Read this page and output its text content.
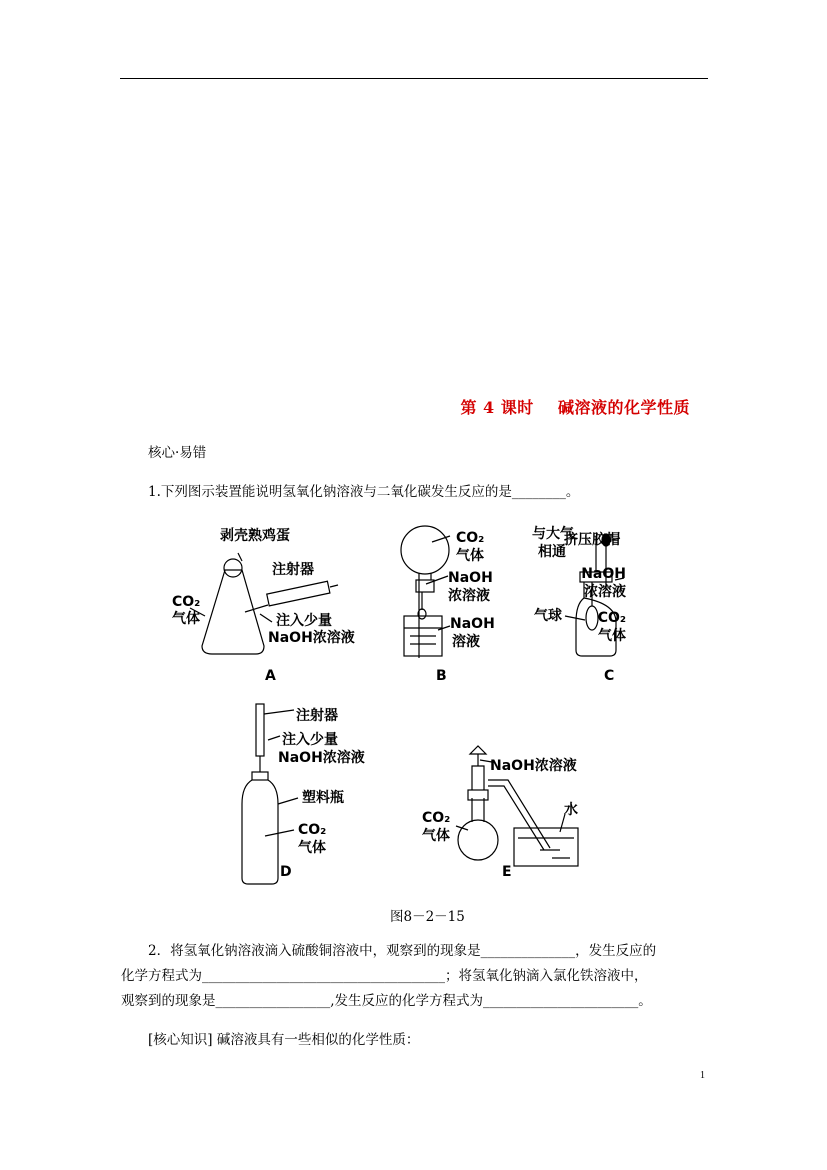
第 4 课时    碱溶液的化学性质
核心·易错
1.下列图示装置能说明氢氧化钠溶液与二氧化碳发生反应的是________。
剥壳熟鸡蛋
注射器
CO₂
气体	注入少量
NaOH浓溶液
A
CO₂
气体
NaOH
浓溶液
NaOH
溶液
B
与大气
相通
挤压胶帽
NaOH
浓溶液
气球	CO₂
气体
C
注射器
注入少量
NaOH浓溶液
塑料瓶
CO₂
气体
D
NaOH浓溶液
水
CO₂
气体
E
图8－2－15
2．将氢氧化钠溶液滴入硫酸铜溶液中，观察到的现象是______________，发生反应的
化学方程式为____________________________________；将氢氧化钠滴入氯化铁溶液中，
观察到的现象是_________________,发生反应的化学方程式为_______________________。
[核心知识] 碱溶液具有一些相似的化学性质：
1
